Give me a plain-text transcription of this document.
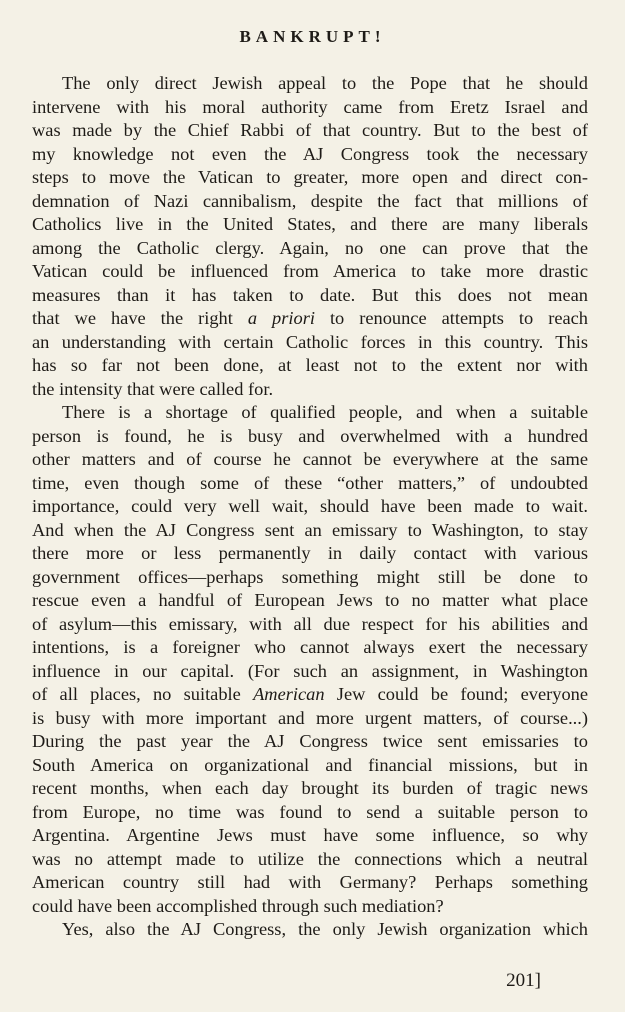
BANKRUPT!
The only direct Jewish appeal to the Pope that he should
intervene with his moral authority came from Eretz Israel and
was made by the Chief Rabbi of that country. But to the best of
my knowledge not even the AJ Congress took the necessary
steps to move the Vatican to greater, more open and direct con-
demnation of Nazi cannibalism, despite the fact that millions of
Catholics live in the United States, and there are many liberals
among the Catholic clergy. Again, no one can prove that the
Vatican could be influenced from America to take more drastic
measures than it has taken to date. But this does not mean
that we have the right a priori to renounce attempts to reach
an understanding with certain Catholic forces in this country. This
has so far not been done, at least not to the extent nor with
the intensity that were called for.
There is a shortage of qualified people, and when a suitable
person is found, he is busy and overwhelmed with a hundred
other matters and of course he cannot be everywhere at the same
time, even though some of these “other matters,” of undoubted
importance, could very well wait, should have been made to wait.
And when the AJ Congress sent an emissary to Washington, to stay
there more or less permanently in daily contact with various
government offices—perhaps something might still be done to
rescue even a handful of European Jews to no matter what place
of asylum—this emissary, with all due respect for his abilities and
intentions, is a foreigner who cannot always exert the necessary
influence in our capital. (For such an assignment, in Washington
of all places, no suitable American Jew could be found; everyone
is busy with more important and more urgent matters, of course...)
During the past year the AJ Congress twice sent emissaries to
South America on organizational and financial missions, but in
recent months, when each day brought its burden of tragic news
from Europe, no time was found to send a suitable person to
Argentina. Argentine Jews must have some influence, so why
was no attempt made to utilize the connections which a neutral
American country still had with Germany? Perhaps something
could have been accomplished through such mediation?
Yes, also the AJ Congress, the only Jewish organization which

201]
